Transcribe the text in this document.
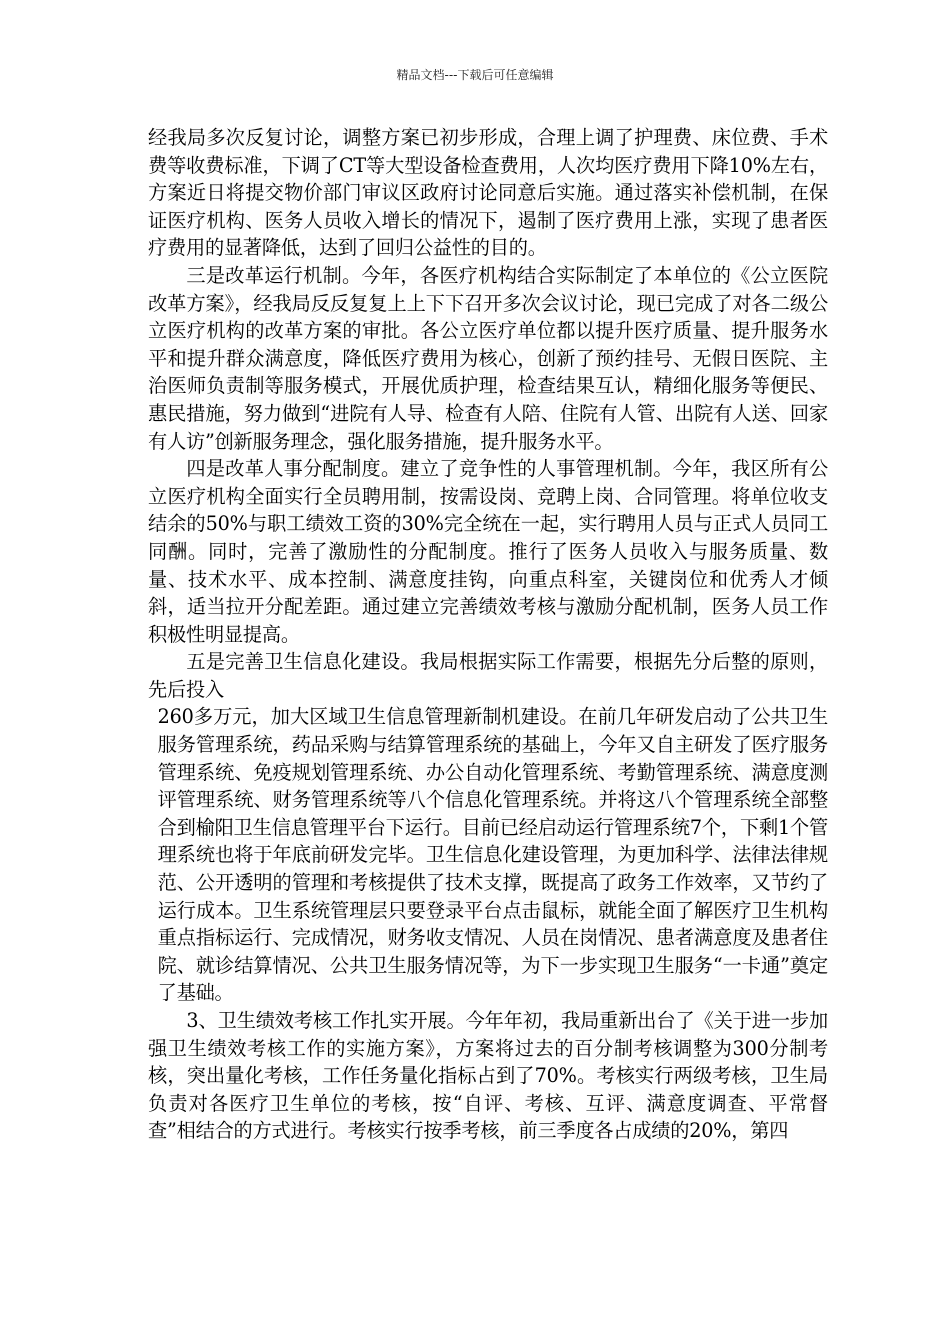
精品文档---下载后可任意编辑

经我局多次反复讨论，调整方案已初步形成，合理上调了护理费、床位费、手术费等收费标准，下调了CT等大型设备检查费用，人次均医疗费用下降10%左右，方案近日将提交物价部门审议区政府讨论同意后实施。通过落实补偿机制，在保证医疗机构、医务人员收入增长的情况下，遏制了医疗费用上涨，实现了患者医疗费用的显著降低，达到了回归公益性的目的。

三是改革运行机制。今年，各医疗机构结合实际制定了本单位的《公立医院改革方案》，经我局反反复复上上下下召开多次会议讨论，现已完成了对各二级公立医疗机构的改革方案的审批。各公立医疗单位都以提升医疗质量、提升服务水平和提升群众满意度，降低医疗费用为核心，创新了预约挂号、无假日医院、主治医师负责制等服务模式，开展优质护理，检查结果互认，精细化服务等便民、惠民措施，努力做到“进院有人导、检查有人陪、住院有人管、出院有人送、回家有人访”创新服务理念，强化服务措施，提升服务水平。

四是改革人事分配制度。建立了竞争性的人事管理机制。今年，我区所有公立医疗机构全面实行全员聘用制，按需设岗、竞聘上岗、合同管理。将单位收支结余的50%与职工绩效工资的30%完全统在一起，实行聘用人员与正式人员同工同酬。同时，完善了激励性的分配制度。推行了医务人员收入与服务质量、数量、技术水平、成本控制、满意度挂钩，向重点科室，关键岗位和优秀人才倾斜，适当拉开分配差距。通过建立完善绩效考核与激励分配机制，医务人员工作积极性明显提高。

五是完善卫生信息化建设。我局根据实际工作需要，根据先分后整的原则，先后投入

260多万元，加大区域卫生信息管理新制机建设。在前几年研发启动了公共卫生服务管理系统，药品采购与结算管理系统的基础上，今年又自主研发了医疗服务管理系统、免疫规划管理系统、办公自动化管理系统、考勤管理系统、满意度测评管理系统、财务管理系统等八个信息化管理系统。并将这八个管理系统全部整合到榆阳卫生信息管理平台下运行。目前已经启动运行管理系统7个，下剩1个管理系统也将于年底前研发完毕。卫生信息化建设管理，为更加科学、法律法律规范、公开透明的管理和考核提供了技术支撑，既提高了政务工作效率，又节约了运行成本。卫生系统管理层只要登录平台点击鼠标，就能全面了解医疗卫生机构重点指标运行、完成情况，财务收支情况、人员在岗情况、患者满意度及患者住院、就诊结算情况、公共卫生服务情况等，为下一步实现卫生服务“一卡通”奠定了基础。

3、卫生绩效考核工作扎实开展。今年年初，我局重新出台了《关于进一步加强卫生绩效考核工作的实施方案》，方案将过去的百分制考核调整为300分制考核，突出量化考核，工作任务量化指标占到了70%。考核实行两级考核，卫生局负责对各医疗卫生单位的考核，按“自评、考核、互评、满意度调查、平常督查”相结合的方式进行。考核实行按季考核，前三季度各占成绩的20%，第四
